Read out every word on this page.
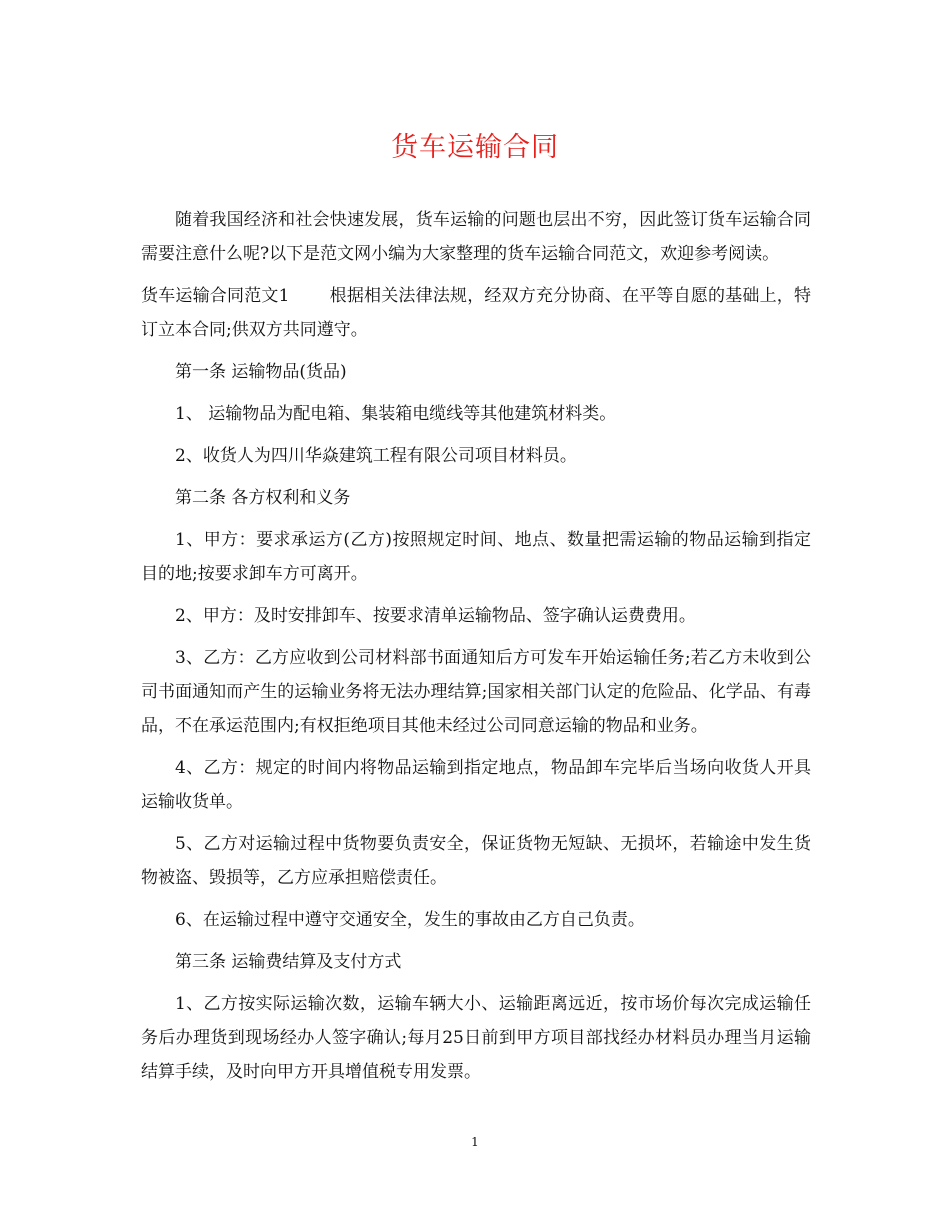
货车运输合同

随着我国经济和社会快速发展，货车运输的问题也层出不穷，因此签订货车运输合同需要注意什么呢?以下是范文网小编为大家整理的货车运输合同范文，欢迎参考阅读。

货车运输合同范文1 根据相关法律法规，经双方充分协商、在平等自愿的基础上，特订立本合同;供双方共同遵守。

第一条 运输物品(货品)

1、 运输物品为配电箱、集装箱电缆线等其他建筑材料类。

2、收货人为四川华焱建筑工程有限公司项目材料员。

第二条 各方权利和义务

1、甲方：要求承运方(乙方)按照规定时间、地点、数量把需运输的物品运输到指定目的地;按要求卸车方可离开。

2、甲方：及时安排卸车、按要求清单运输物品、签字确认运费费用。

3、乙方：乙方应收到公司材料部书面通知后方可发车开始运输任务;若乙方未收到公司书面通知而产生的运输业务将无法办理结算;国家相关部门认定的危险品、化学品、有毒品，不在承运范围内;有权拒绝项目其他未经过公司同意运输的物品和业务。

4、乙方：规定的时间内将物品运输到指定地点，物品卸车完毕后当场向收货人开具运输收货单。

5、乙方对运输过程中货物要负责安全，保证货物无短缺、无损坏，若输途中发生货物被盗、毁损等，乙方应承担赔偿责任。

6、在运输过程中遵守交通安全，发生的事故由乙方自己负责。

第三条 运输费结算及支付方式

1、乙方按实际运输次数，运输车辆大小、运输距离远近，按市场价每次完成运输任务后办理货到现场经办人签字确认;每月25日前到甲方项目部找经办材料员办理当月运输结算手续，及时向甲方开具增值税专用发票。

1
